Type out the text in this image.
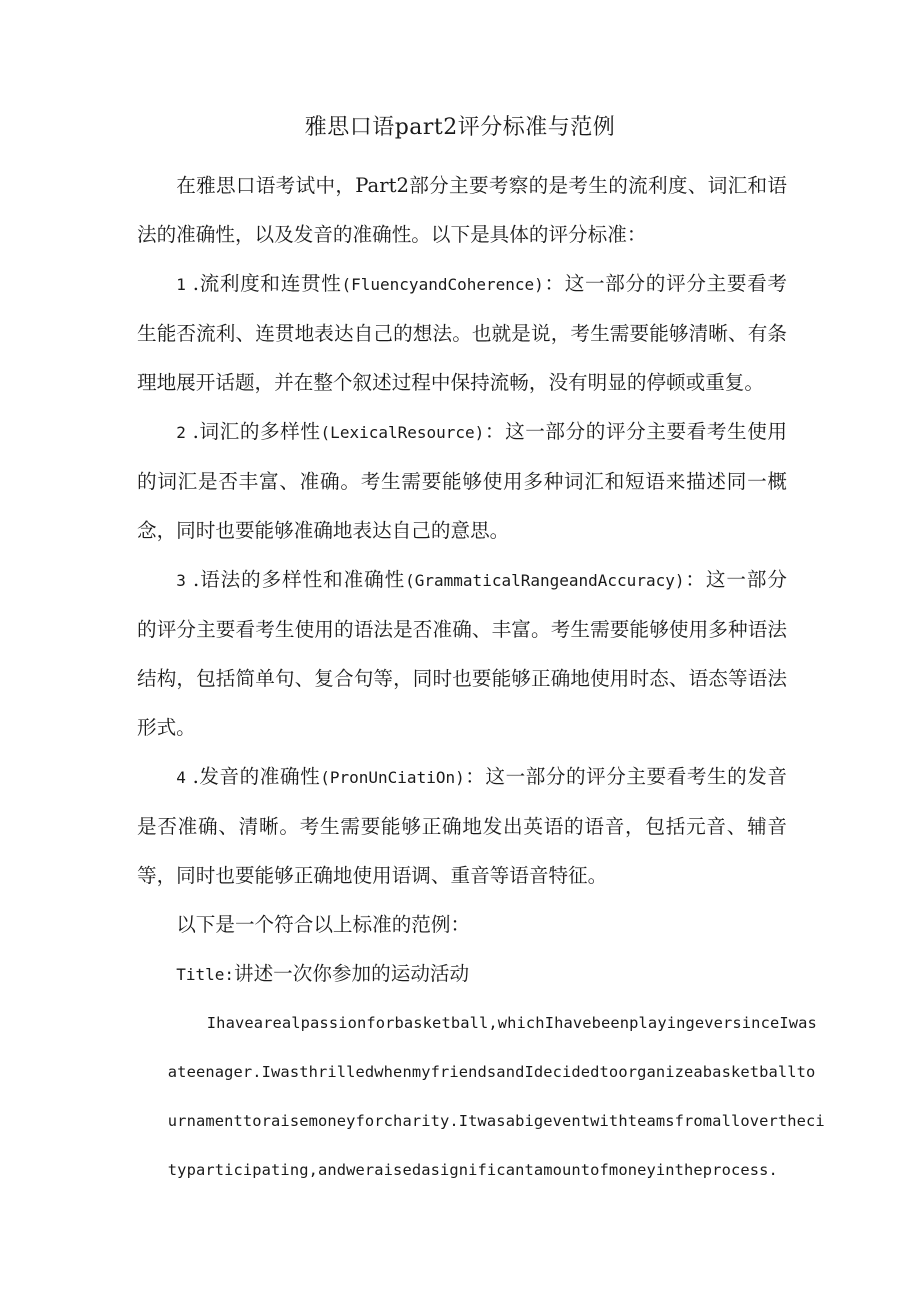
雅思口语part2评分标准与范例

在雅思口语考试中，Part2部分主要考察的是考生的流利度、词汇和语法的准确性，以及发音的准确性。以下是具体的评分标准：

1 .流利度和连贯性(FluencyandCoherence)：这一部分的评分主要看考生能否流利、连贯地表达自己的想法。也就是说，考生需要能够清晰、有条理地展开话题，并在整个叙述过程中保持流畅，没有明显的停顿或重复。

2 .词汇的多样性(LexicalResource)：这一部分的评分主要看考生使用的词汇是否丰富、准确。考生需要能够使用多种词汇和短语来描述同一概念，同时也要能够准确地表达自己的意思。

3 .语法的多样性和准确性(GrammaticalRangeandAccuracy)：这一部分的评分主要看考生使用的语法是否准确、丰富。考生需要能够使用多种语法结构，包括简单句、复合句等，同时也要能够正确地使用时态、语态等语法形式。

4 .发音的准确性(PronUnCiatiOn)：这一部分的评分主要看考生的发音是否准确、清晰。考生需要能够正确地发出英语的语音，包括元音、辅音等，同时也要能够正确地使用语调、重音等语音特征。

以下是一个符合以上标准的范例：

Title:讲述一次你参加的运动活动

Ihavearealpassionforbasketball,whichIhavebeenplayingeversinceIwas

ateenager.IwasthrilledwhenmyfriendsandIdecidedtoorganizeabasketballto

urnamenttoraisemoneyforcharity.Itwasabigeventwithteamsfromallovertheci

typarticipating,andweraisedasignificantamountofmoneyintheprocess.
